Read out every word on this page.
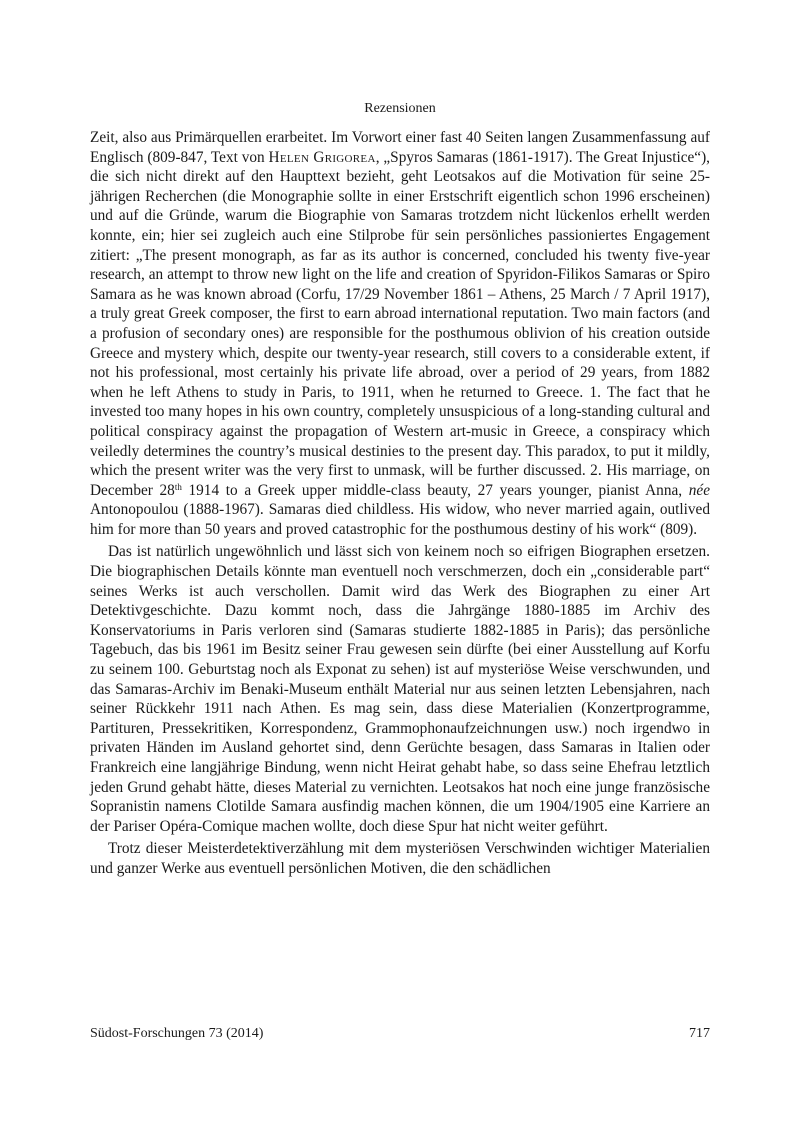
Rezensionen

Zeit, also aus Primärquellen erarbeitet. Im Vorwort einer fast 40 Seiten langen Zusammenfassung auf Englisch (809-847, Text von Helen Grigorea, „Spyros Samaras (1861-1917). The Great Injustice“), die sich nicht direkt auf den Haupttext bezieht, geht Leotsakos auf die Motivation für seine 25-jährigen Recherchen (die Monographie sollte in einer Erstschrift eigentlich schon 1996 erscheinen) und auf die Gründe, warum die Biographie von Samaras trotzdem nicht lückenlos erhellt werden konnte, ein; hier sei zugleich auch eine Stilprobe für sein persönliches passioniertes Engagement zitiert: „The present monograph, as far as its author is concerned, concluded his twenty five-year research, an attempt to throw new light on the life and creation of Spyridon-Filikos Samaras or Spiro Samara as he was known abroad (Corfu, 17/29 November 1861 – Athens, 25 March / 7 April 1917), a truly great Greek composer, the first to earn abroad international reputation. Two main factors (and a profusion of secondary ones) are responsible for the posthumous oblivion of his creation outside Greece and mystery which, despite our twenty-year research, still covers to a considerable extent, if not his professional, most certainly his private life abroad, over a period of 29 years, from 1882 when he left Athens to study in Paris, to 1911, when he returned to Greece. 1. The fact that he invested too many hopes in his own country, completely unsuspicious of a long-standing cultural and political conspiracy against the propagation of Western art-music in Greece, a conspiracy which veiledly determines the country’s musical destinies to the present day. This paradox, to put it mildly, which the present writer was the very first to unmask, will be further discussed. 2. His marriage, on December 28th 1914 to a Greek upper middle-class beauty, 27 years younger, pianist Anna, née Antonopoulou (1888-1967). Samaras died childless. His widow, who never married again, outlived him for more than 50 years and proved catastrophic for the posthumous destiny of his work“ (809).

Das ist natürlich ungewöhnlich und lässt sich von keinem noch so eifrigen Biographen ersetzen. Die biographischen Details könnte man eventuell noch verschmerzen, doch ein „considerable part“ seines Werks ist auch verschollen. Damit wird das Werk des Biographen zu einer Art Detektivgeschichte. Dazu kommt noch, dass die Jahrgänge 1880-1885 im Archiv des Konservatoriums in Paris verloren sind (Samaras studierte 1882-1885 in Paris); das persönliche Tagebuch, das bis 1961 im Besitz seiner Frau gewesen sein dürfte (bei einer Ausstellung auf Korfu zu seinem 100. Geburtstag noch als Exponat zu sehen) ist auf mysteriöse Weise verschwunden, und das Samaras-Archiv im Benaki-Museum enthält Material nur aus seinen letzten Lebensjahren, nach seiner Rückkehr 1911 nach Athen. Es mag sein, dass diese Materialien (Konzertprogramme, Partituren, Pressekritiken, Korrespondenz, Grammophonaufzeichnungen usw.) noch irgendwo in privaten Händen im Ausland gehortet sind, denn Gerüchte besagen, dass Samaras in Italien oder Frankreich eine langjährige Bindung, wenn nicht Heirat gehabt habe, so dass seine Ehefrau letztlich jeden Grund gehabt hätte, dieses Material zu vernichten. Leotsakos hat noch eine junge französische Sopranistin namens Clotilde Samara ausfindig machen können, die um 1904/1905 eine Karriere an der Pariser Opéra-Comique machen wollte, doch diese Spur hat nicht weiter geführt.

Trotz dieser Meisterdetektiverzählung mit dem mysteriösen Verschwinden wichtiger Materialien und ganzer Werke aus eventuell persönlichen Motiven, die den schädlichen

Südost-Forschungen 73 (2014)	717
